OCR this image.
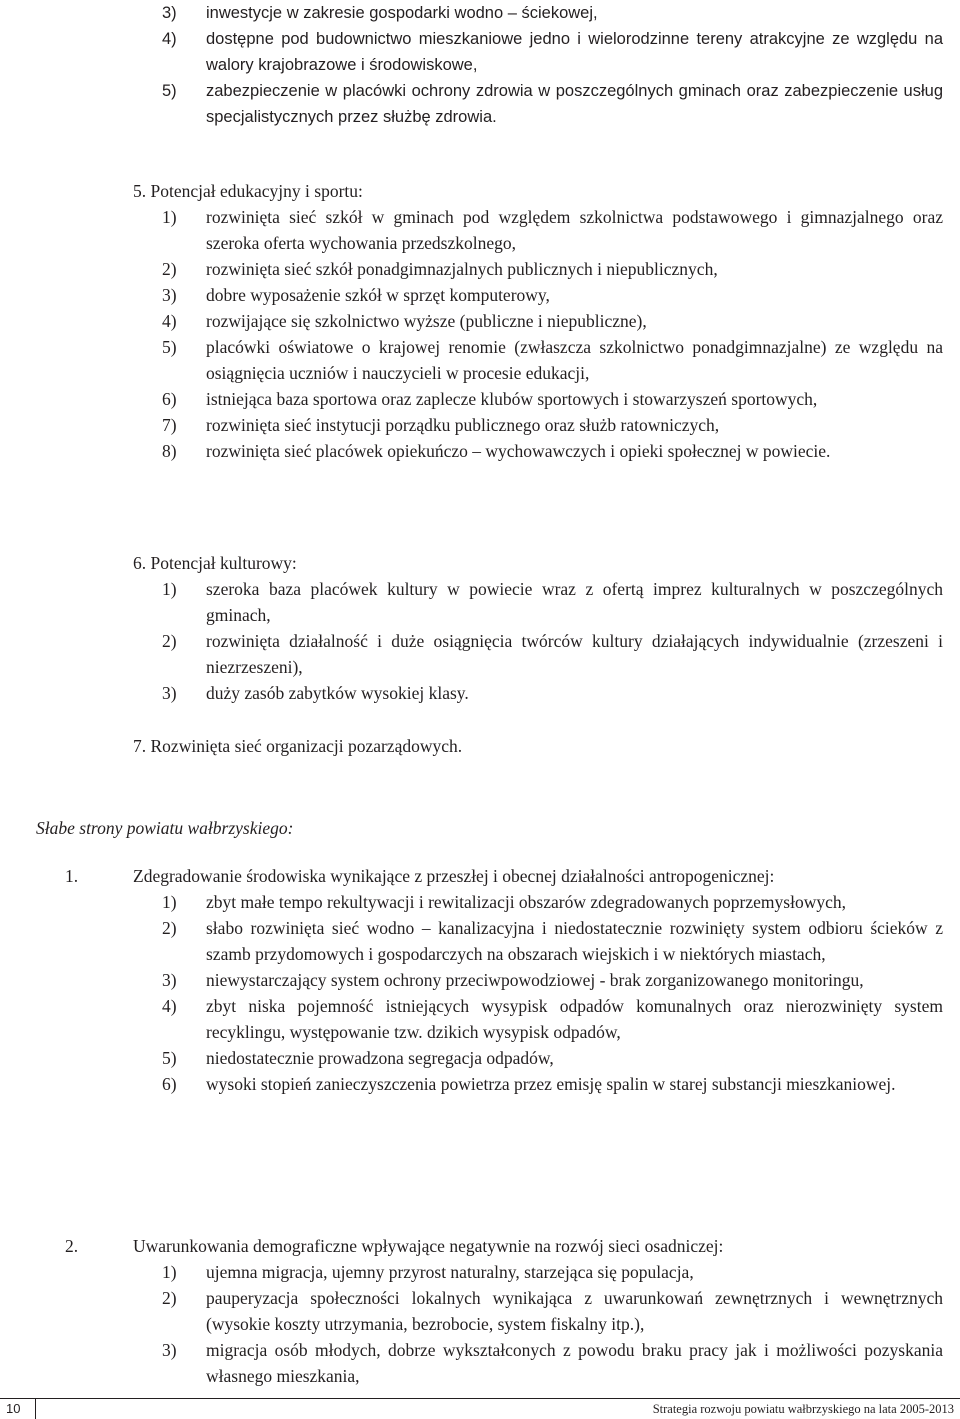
3) inwestycje w zakresie gospodarki wodno – ściekowej,
4) dostępne pod budownictwo mieszkaniowe jedno i wielorodzinne tereny atrakcyjne ze względu na walory krajobrazowe i środowiskowe,
5) zabezpieczenie w placówki ochrony zdrowia w poszczególnych gminach oraz zabezpieczenie usług specjalistycznych przez służbę zdrowia.
5. Potencjał edukacyjny i sportu:
1) rozwinięta sieć szkół w gminach pod względem szkolnictwa podstawowego i gimnazjalnego oraz szeroka oferta wychowania przedszkolnego,
2) rozwinięta sieć szkół ponadgimnazjalnych publicznych i niepublicznych,
3) dobre wyposażenie szkół w sprzęt komputerowy,
4) rozwijające się szkolnictwo wyższe (publiczne i niepubliczne),
5) placówki oświatowe o krajowej renomie (zwłaszcza szkolnictwo ponadgimnazjalne) ze względu na osiągnięcia uczniów i nauczycieli w procesie edukacji,
6) istniejąca baza sportowa oraz zaplecze klubów sportowych i stowarzyszeń sportowych,
7) rozwinięta sieć instytucji porządku publicznego oraz służb ratowniczych,
8) rozwinięta sieć placówek opiekuńczo – wychowawczych i opieki społecznej w powiecie.
6. Potencjał kulturowy:
1) szeroka baza placówek kultury w powiecie wraz z ofertą imprez kulturalnych w poszczególnych gminach,
2) rozwinięta działalność i duże osiągnięcia twórców kultury działających indywidualnie (zrzeszeni i niezrzeszeni),
3) duży zasób zabytków wysokiej klasy.
7. Rozwinięta sieć organizacji pozarządowych.
Słabe strony powiatu wałbrzyskiego:
1.	Zdegradowanie środowiska wynikające z przeszłej i obecnej działalności antropogenicznej:
1) zbyt małe tempo rekultywacji i rewitalizacji obszarów zdegradowanych poprzemysłowych,
2) słabo rozwinięta sieć wodno – kanalizacyjna i niedostatecznie rozwinięty system odbioru ścieków z szamb przydomowych i gospodarczych na obszarach wiejskich i w niektórych miastach,
3) niewystarczający system ochrony przeciwpowodziowej - brak zorganizowanego monitoringu,
4) zbyt niska pojemność istniejących wysypisk odpadów komunalnych oraz nierozwinięty system recyklingu, występowanie tzw. dzikich wysypisk odpadów,
5) niedostatecznie prowadzona segregacja odpadów,
6) wysoki stopień zanieczyszczenia powietrza przez emisję spalin w starej substancji mieszkaniowej.
2.	Uwarunkowania demograficzne wpływające negatywnie na rozwój sieci osadniczej:
1) ujemna migracja, ujemny przyrost naturalny, starzejąca się populacja,
2) pauperyzacja społeczności lokalnych wynikająca z uwarunkowań zewnętrznych i wewnętrznych (wysokie koszty utrzymania, bezrobocie, system fiskalny itp.),
3) migracja osób młodych, dobrze wykształconych z powodu braku pracy jak i możliwości pozyskania własnego mieszkania,
10	Strategia rozwoju powiatu wałbrzyskiego na lata 2005-2013
